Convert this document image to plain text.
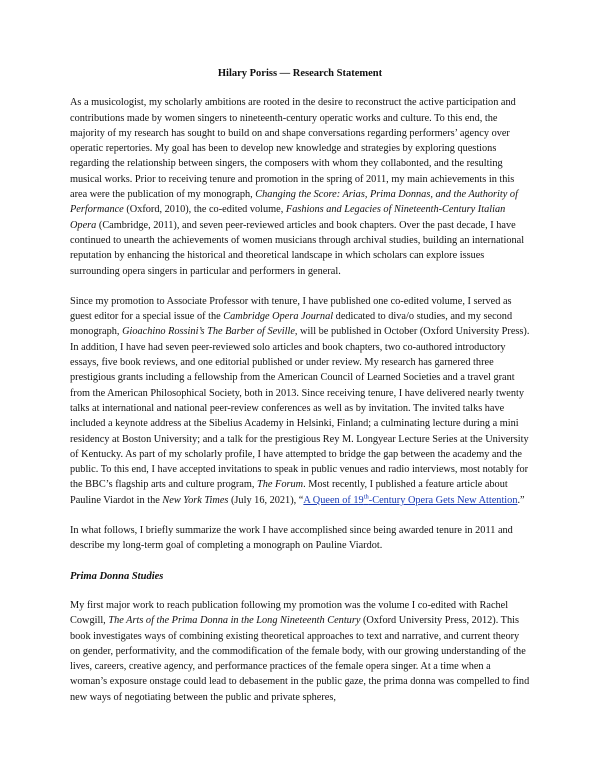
Hilary Poriss — Research Statement

As a musicologist, my scholarly ambitions are rooted in the desire to reconstruct the active participation and contributions made by women singers to nineteenth-century operatic works and culture. To this end, the majority of my research has sought to build on and shape conversations regarding performers’ agency over operatic repertories. My goal has been to develop new knowledge and strategies by exploring questions regarding the relationship between singers, the composers with whom they collabonted, and the resulting musical works. Prior to receiving tenure and promotion in the spring of 2011, my main achievements in this area were the publication of my monograph, Changing the Score: Arias, Prima Donnas, and the Authority of Performance (Oxford, 2010), the co-edited volume, Fashions and Legacies of Nineteenth-Century Italian Opera (Cambridge, 2011), and seven peer-reviewed articles and book chapters. Over the past decade, I have continued to unearth the achievements of women musicians through archival studies, building an international reputation by enhancing the historical and theoretical landscape in which scholars can explore issues surrounding opera singers in particular and performers in general.

Since my promotion to Associate Professor with tenure, I have published one co-edited volume, I served as guest editor for a special issue of the Cambridge Opera Journal dedicated to diva/o studies, and my second monograph, Gioachino Rossini’s The Barber of Seville, will be published in October (Oxford University Press). In addition, I have had seven peer-reviewed solo articles and book chapters, two co-authored introductory essays, five book reviews, and one editorial published or under review. My research has garnered three prestigious grants including a fellowship from the American Council of Learned Societies and a travel grant from the American Philosophical Society, both in 2013. Since receiving tenure, I have delivered nearly twenty talks at international and national peer-review conferences as well as by invitation. The invited talks have included a keynote address at the Sibelius Academy in Helsinki, Finland; a culminating lecture during a mini residency at Boston University; and a talk for the prestigious Rey M. Longyear Lecture Series at the University of Kentucky. As part of my scholarly profile, I have attempted to bridge the gap between the academy and the public. To this end, I have accepted invitations to speak in public venues and radio interviews, most notably for the BBC’s flagship arts and culture program, The Forum. Most recently, I published a feature article about Pauline Viardot in the New York Times (July 16, 2021), “A Queen of 19th-Century Opera Gets New Attention.”

In what follows, I briefly summarize the work I have accomplished since being awarded tenure in 2011 and describe my long-term goal of completing a monograph on Pauline Viardot.

Prima Donna Studies

My first major work to reach publication following my promotion was the volume I co-edited with Rachel Cowgill, The Arts of the Prima Donna in the Long Nineteenth Century (Oxford University Press, 2012). This book investigates ways of combining existing theoretical approaches to text and narrative, and current theory on gender, performativity, and the commodification of the female body, with our growing understanding of the lives, careers, creative agency, and performance practices of the female opera singer. At a time when a woman’s exposure onstage could lead to debasement in the public gaze, the prima donna was compelled to find new ways of negotiating between the public and private spheres,
